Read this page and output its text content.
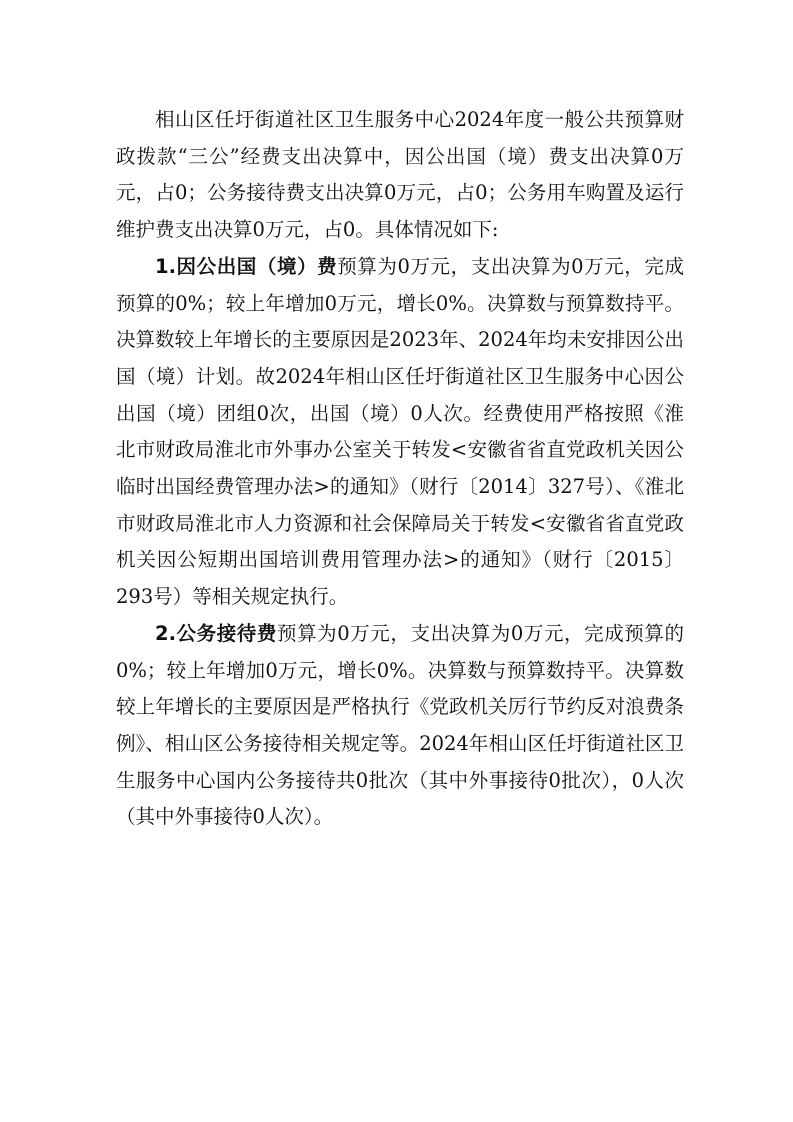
相山区任圩街道社区卫生服务中心2024年度一般公共预算财政拨款“三公”经费支出决算中，因公出国（境）费支出决算0万元，占0；公务接待费支出决算0万元，占0；公务用车购置及运行维护费支出决算0万元，占0。具体情况如下:

1.因公出国（境）费预算为0万元，支出决算为0万元，完成预算的0%；较上年增加0万元，增长0%。决算数与预算数持平。决算数较上年增长的主要原因是2023年、2024年均未安排因公出国（境）计划。故2024年相山区任圩街道社区卫生服务中心因公出国（境）团组0次，出国（境）0人次。经费使用严格按照《淮北市财政局淮北市外事办公室关于转发<安徽省省直党政机关因公临时出国经费管理办法>的通知》（财行〔2014〕327号）、《淮北市财政局淮北市人力资源和社会保障局关于转发<安徽省省直党政机关因公短期出国培训费用管理办法>的通知》（财行〔2015〕293号）等相关规定执行。

2.公务接待费预算为0万元，支出决算为0万元，完成预算的0%；较上年增加0万元，增长0%。决算数与预算数持平。决算数较上年增长的主要原因是严格执行《党政机关厉行节约反对浪费条例》、相山区公务接待相关规定等。2024年相山区任圩街道社区卫生服务中心国内公务接待共0批次（其中外事接待0批次），0人次（其中外事接待0人次）。
